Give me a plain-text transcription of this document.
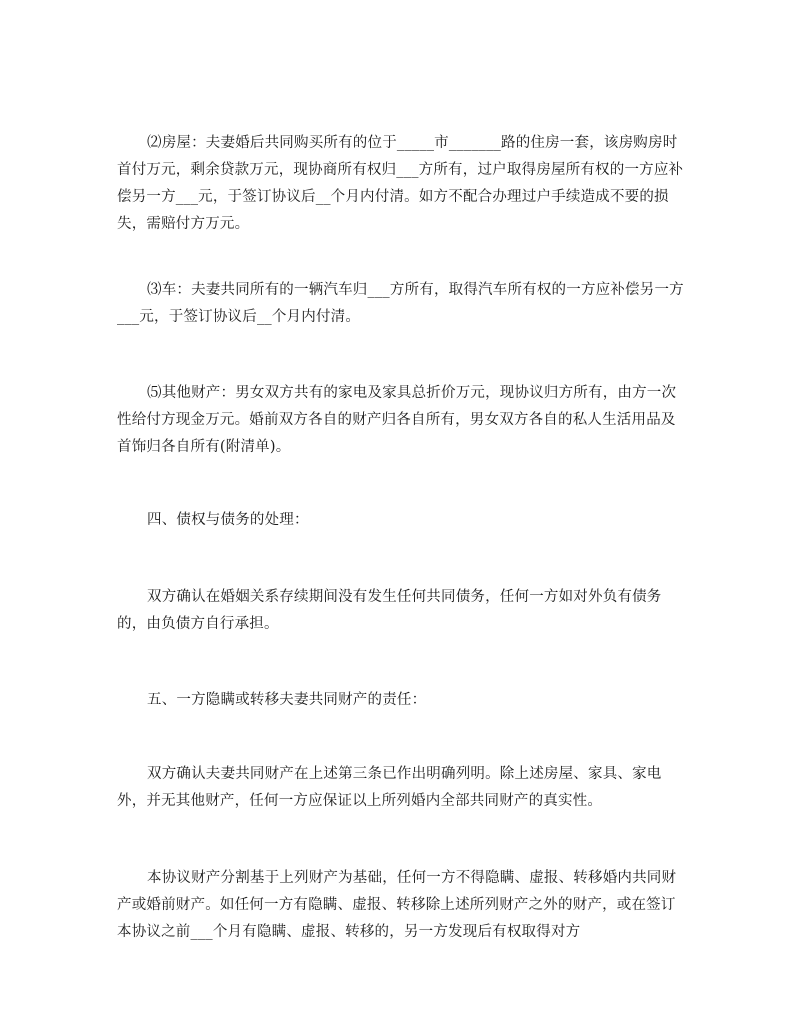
⑵房屋：夫妻婚后共同购买所有的位于_____市_______路的住房一套，该房购房时首付万元，剩余贷款万元，现协商所有权归___方所有，过户取得房屋所有权的一方应补偿另一方___元，于签订协议后__个月内付清。如方不配合办理过户手续造成不要的损失，需赔付方万元。

⑶车：夫妻共同所有的一辆汽车归___方所有，取得汽车所有权的一方应补偿另一方___元，于签订协议后__个月内付清。

⑸其他财产：男女双方共有的家电及家具总折价万元，现协议归方所有，由方一次性给付方现金万元。婚前双方各自的财产归各自所有，男女双方各自的私人生活用品及首饰归各自所有(附清单)。

四、债权与债务的处理：

双方确认在婚姻关系存续期间没有发生任何共同债务，任何一方如对外负有债务的，由负债方自行承担。

五、一方隐瞒或转移夫妻共同财产的责任：

双方确认夫妻共同财产在上述第三条已作出明确列明。除上述房屋、家具、家电外，并无其他财产，任何一方应保证以上所列婚内全部共同财产的真实性。

本协议财产分割基于上列财产为基础，任何一方不得隐瞒、虚报、转移婚内共同财产或婚前财产。如任何一方有隐瞒、虚报、转移除上述所列财产之外的财产，或在签订本协议之前___个月有隐瞒、虚报、转移的，另一方发现后有权取得对方
